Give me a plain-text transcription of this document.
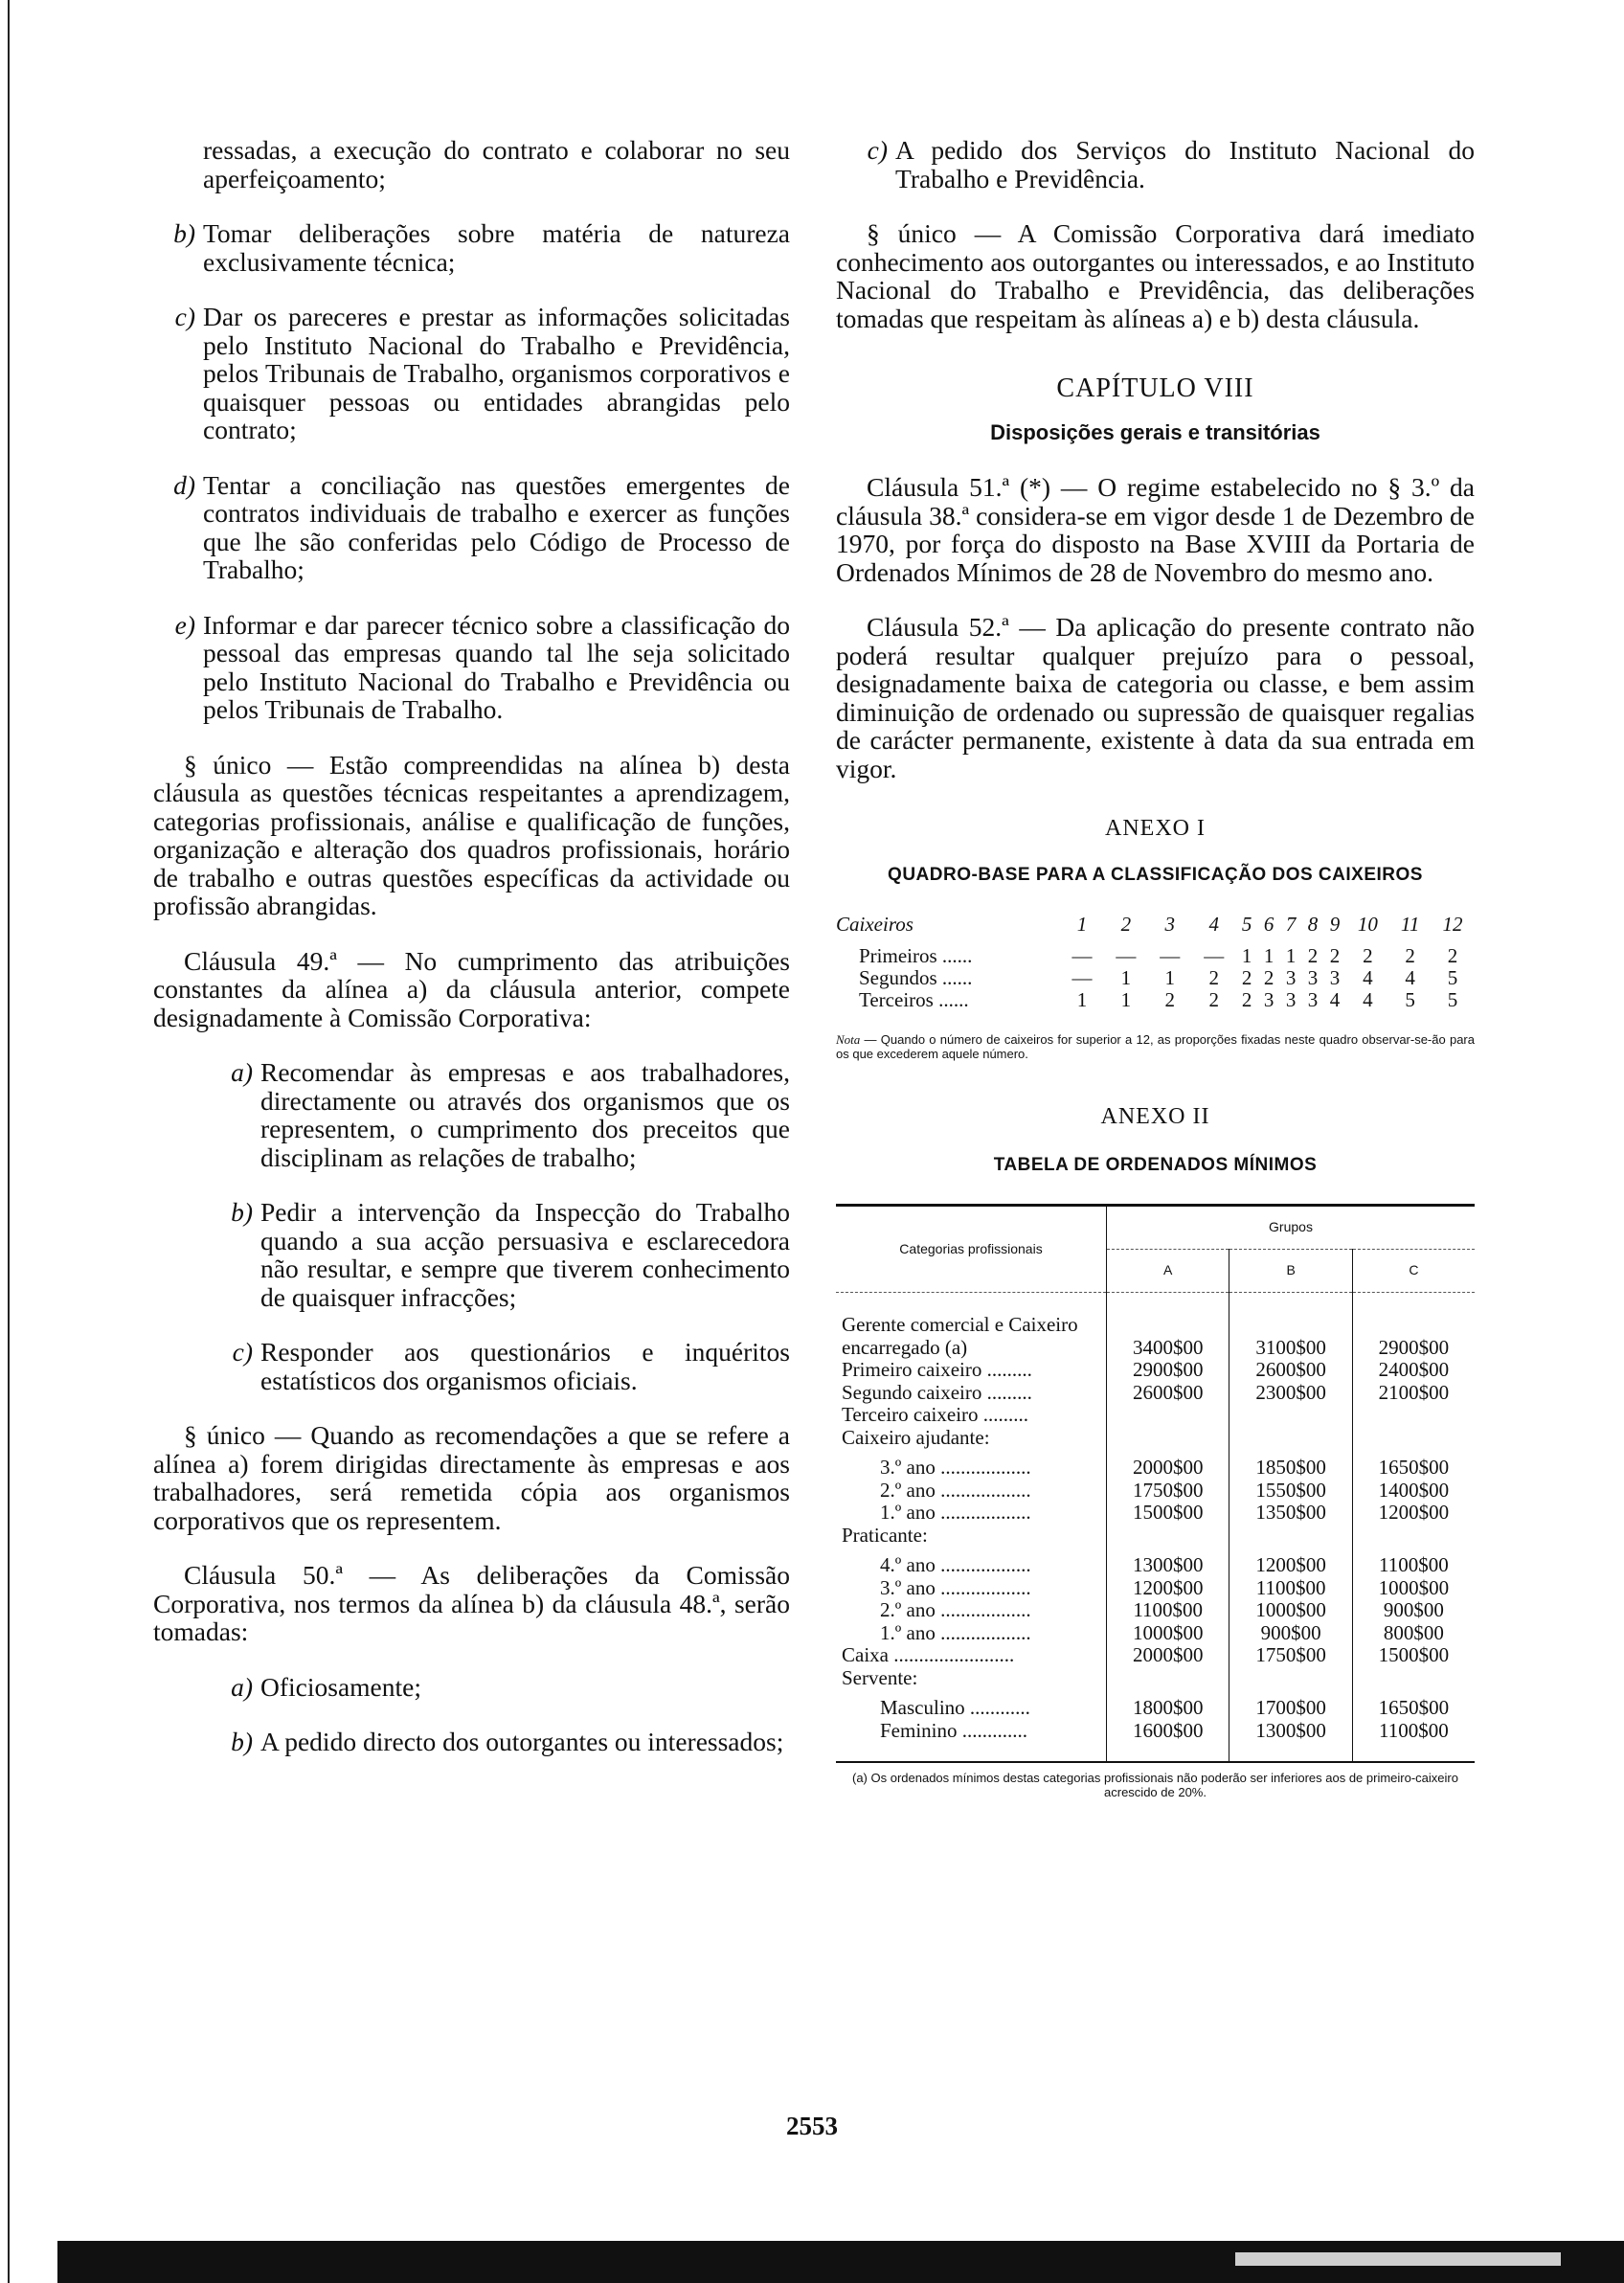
ressadas, a execução do contrato e colaborar no seu aperfeiçoamento;
b) Tomar deliberações sobre matéria de natureza exclusivamente técnica;
c) Dar os pareceres e prestar as informações solicitadas pelo Instituto Nacional do Trabalho e Previdência, pelos Tribunais de Trabalho, organismos corporativos e quaisquer pessoas ou entidades abrangidas pelo contrato;
d) Tentar a conciliação nas questões emergentes de contratos individuais de trabalho e exercer as funções que lhe são conferidas pelo Código de Processo de Trabalho;
e) Informar e dar parecer técnico sobre a classificação do pessoal das empresas quando tal lhe seja solicitado pelo Instituto Nacional do Trabalho e Previdência ou pelos Tribunais de Trabalho.

§ único — Estão compreendidas na alínea b) desta cláusula as questões técnicas respeitantes a aprendizagem, categorias profissionais, análise e qualificação de funções, organização e alteração dos quadros profissionais, horário de trabalho e outras questões específicas da actividade ou profissão abrangidas.

Cláusula 49.ª — No cumprimento das atribuições constantes da alínea a) da cláusula anterior, compete designadamente à Comissão Corporativa:

a) Recomendar às empresas e aos trabalhadores, directamente ou através dos organismos que os representem, o cumprimento dos preceitos que disciplinam as relações de trabalho;
b) Pedir a intervenção da Inspecção do Trabalho quando a sua acção persuasiva e esclarecedora não resultar, e sempre que tiverem conhecimento de quaisquer infracções;
c) Responder aos questionários e inquéritos estatísticos dos organismos oficiais.

§ único — Quando as recomendações a que se refere a alínea a) forem dirigidas directamente às empresas e aos trabalhadores, será remetida cópia aos organismos corporativos que os representem.

Cláusula 50.ª — As deliberações da Comissão Corporativa, nos termos da alínea b) da cláusula 48.ª, serão tomadas:

a) Oficiosamente;
b) A pedido directo dos outorgantes ou interessados;
c) A pedido dos Serviços do Instituto Nacional do Trabalho e Previdência.

§ único — A Comissão Corporativa dará imediato conhecimento aos outorgantes ou interessados, e ao Instituto Nacional do Trabalho e Previdência, das deliberações tomadas que respeitam às alíneas a) e b) desta cláusula.

CAPÍTULO VIII

Disposições gerais e transitórias

Cláusula 51.ª (*) — O regime estabelecido no § 3.º da cláusula 38.ª considera-se em vigor desde 1 de Dezembro de 1970, por força do disposto na Base XVIII da Portaria de Ordenados Mínimos de 28 de Novembro do mesmo ano.

Cláusula 52.ª — Da aplicação do presente contrato não poderá resultar qualquer prejuízo para o pessoal, designadamente baixa de categoria ou classe, e bem assim diminuição de ordenado ou supressão de quaisquer regalias de carácter permanente, existente à data da sua entrada em vigor.

ANEXO I

QUADRO-BASE PARA A CLASSIFICAÇÃO DOS CAIXEIROS

Caixeiros	1	2	3	4	5	6	7	8	9	10	11	12
Primeiros ......	—	—	—	—	1	1	1	2	2	2	2	2
Segundos ......	—	1	1	2	2	2	3	3	3	4	4	5
Terceiros ......	1	1	2	2	2	3	3	3	4	4	5	5

Nota — Quando o número de caixeiros for superior a 12, as proporções fixadas neste quadro observar-se-ão para os que excederem aquele número.

ANEXO II

TABELA DE ORDENADOS MÍNIMOS

Categorias profissionais	Grupos		
	A	B	C
Gerente comercial e Caixeiro encarregado (a)	3400$00	3100$00	2900$00
Primeiro caixeiro .........	2900$00	2600$00	2400$00
Segundo caixeiro .........	2600$00	2300$00	2100$00
Terceiro caixeiro .........			
Caixeiro ajudante:			
3.º ano ..................	2000$00	1850$00	1650$00
2.º ano ..................	1750$00	1550$00	1400$00
1.º ano ..................	1500$00	1350$00	1200$00
Praticante:			
4.º ano ..................	1300$00	1200$00	1100$00
3.º ano ..................	1200$00	1100$00	1000$00
2.º ano ..................	1100$00	1000$00	900$00
1.º ano ..................	1000$00	900$00	800$00
Caixa ........................	2000$00	1750$00	1500$00
Servente:			
Masculino ............	1800$00	1700$00	1650$00
Feminino .............	1600$00	1300$00	1100$00

(a) Os ordenados mínimos destas categorias profissionais não poderão ser inferiores aos de primeiro-caixeiro acrescido de 20%.

2553
